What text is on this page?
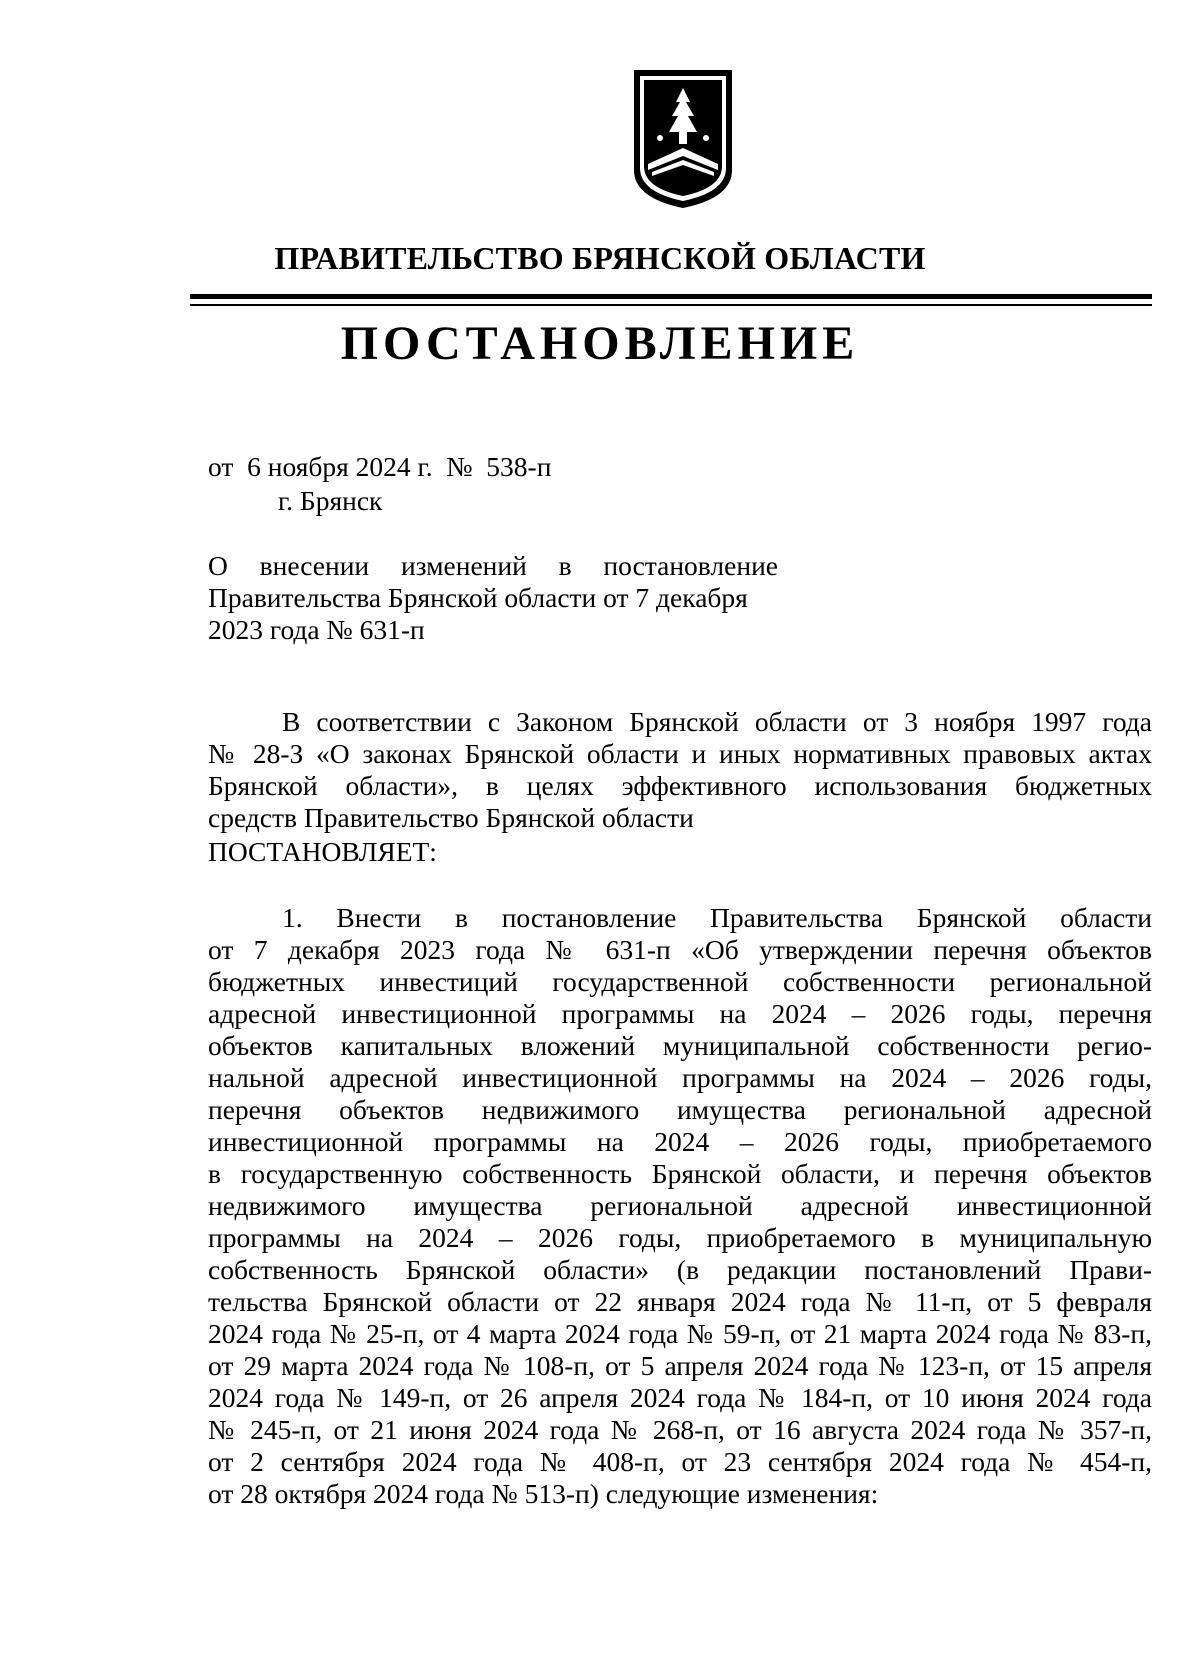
ПРАВИТЕЛЬСТВО БРЯНСКОЙ ОБЛАСТИ
ПОСТАНОВЛЕНИЕ
от  6 ноября 2024 г.  №  538-п
г. Брянск
О внесении изменений в постановление
Правительства Брянской области от 7 декабря
2023 года № 631-п
В соответствии с Законом Брянской области от 3 ноября 1997 года
№ 28-З «О законах Брянской области и иных нормативных правовых актах
Брянской области», в целях эффективного использования бюджетных
средств Правительство Брянской области
ПОСТАНОВЛЯЕТ:
1. Внести в постановление Правительства Брянской области
от 7 декабря 2023 года № 631-п «Об утверждении перечня объектов
бюджетных инвестиций государственной собственности региональной
адресной инвестиционной программы на 2024 – 2026 годы, перечня
объектов капитальных вложений муниципальной собственности регио-
нальной адресной инвестиционной программы на 2024 – 2026 годы,
перечня объектов недвижимого имущества региональной адресной
инвестиционной программы на 2024 – 2026 годы, приобретаемого
в государственную собственность Брянской области, и перечня объектов
недвижимого имущества региональной адресной инвестиционной
программы на 2024 – 2026 годы, приобретаемого в муниципальную
собственность Брянской области» (в редакции постановлений Прави-
тельства Брянской области от 22 января 2024 года № 11-п, от 5 февраля
2024 года № 25-п, от 4 марта 2024 года № 59-п, от 21 марта 2024 года № 83-п,
от 29 марта 2024 года № 108-п, от 5 апреля 2024 года № 123-п, от 15 апреля
2024 года № 149-п, от 26 апреля 2024 года № 184-п, от 10 июня 2024 года
№ 245-п, от 21 июня 2024 года № 268-п, от 16 августа 2024 года № 357-п,
от 2 сентября 2024 года № 408-п, от 23 сентября 2024 года № 454-п,
от 28 октября 2024 года № 513-п) следующие изменения:
